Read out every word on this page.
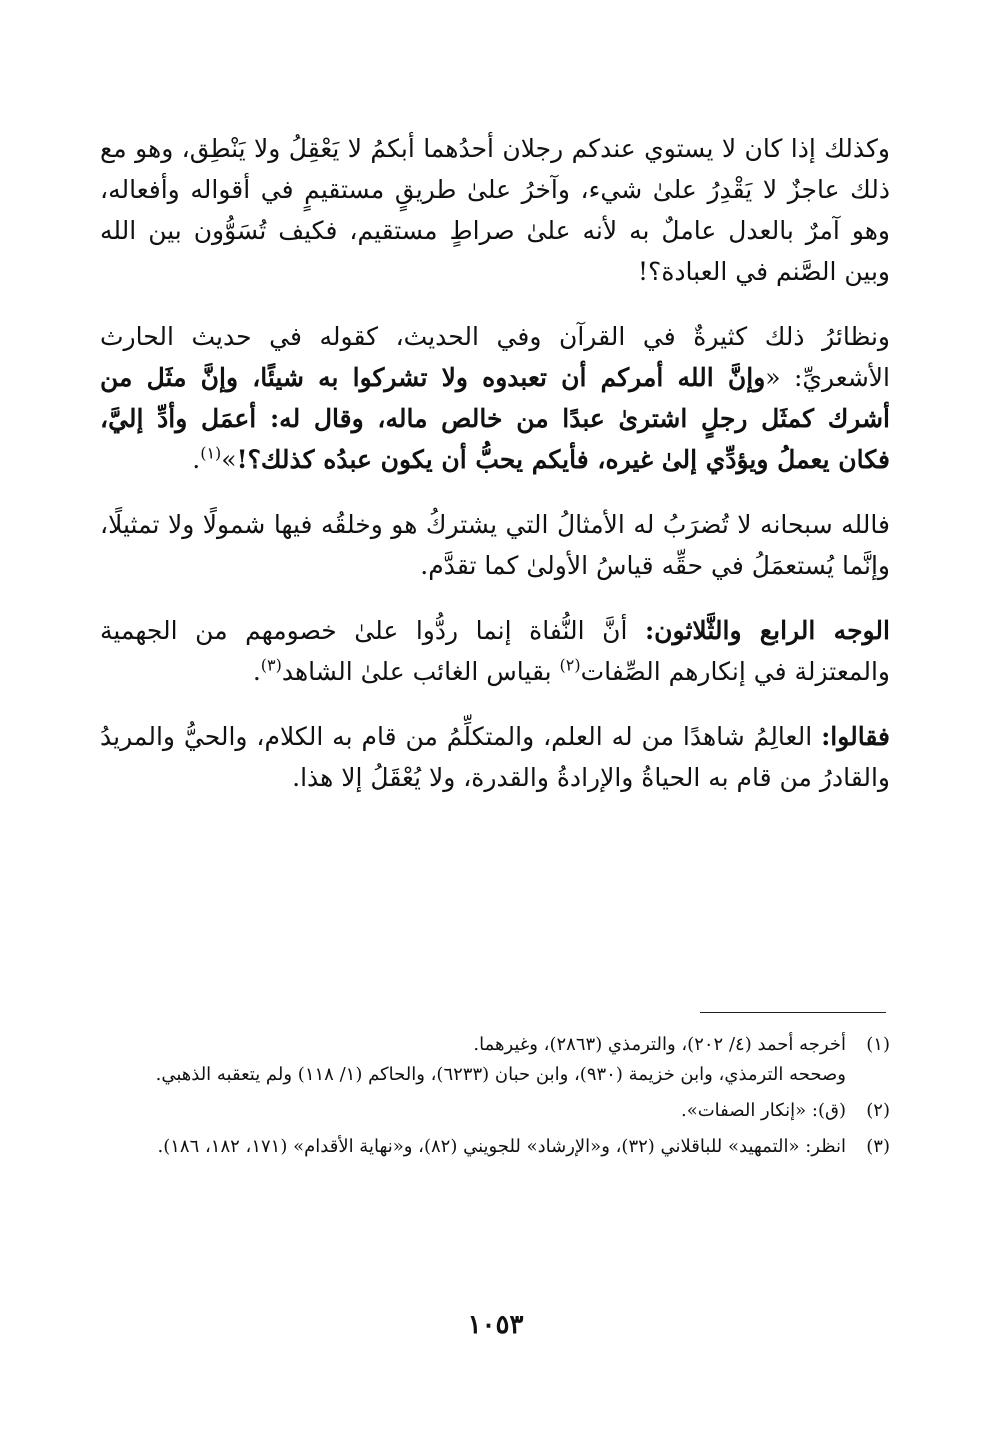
وكذلك إذا كان لا يستوي عندكم رجلان أحدُهما أبكمُ لا يَعْقِلُ ولا يَنْطِق، وهو مع ذلك عاجزٌ لا يَقْدِرُ علىٰ شيء، وآخرُ علىٰ طريقٍ مستقيمٍ في أقواله وأفعاله، وهو آمرٌ بالعدل عاملٌ به لأنه علىٰ صراطٍ مستقيم، فكيف تُسَوُّون بين الله وبين الصَّنم في العبادة؟!

ونظائرُ ذلك كثيرةٌ في القرآن وفي الحديث، كقوله في حديث الحارث الأشعريِّ: «وإنَّ الله أمركم أن تعبدوه ولا تشركوا به شيئًا، وإنَّ مثَل من أشرك كمثَل رجلٍ اشترىٰ عبدًا من خالص ماله، وقال له: أعمَل وأدِّ إليَّ، فكان يعملُ ويؤدِّي إلىٰ غيره، فأيكم يحبُّ أن يكون عبدُه كذلك؟!»$^{(١)}$.

فالله سبحانه لا تُضرَبُ له الأمثالُ التي يشتركُ هو وخلقُه فيها شمولًا ولا تمثيلًا، وإنَّما يُستعمَلُ في حقِّه قياسُ الأولىٰ كما تقدَّم.

الوجه الرابع والثَّلاثون: أنَّ النُّفاة إنما ردُّوا علىٰ خصومهم من الجهمية والمعتزلة في إنكارهم الصِّفات$^{(٢)}$ بقياس الغائب علىٰ الشاهد$^{(٣)}$.

فقالوا: العالِمُ شاهدًا من له العلم، والمتكلِّمُ من قام به الكلام، والحيُّ والمريدُ والقادرُ من قام به الحياةُ والإرادةُ والقدرة، ولا يُعْقَلُ إلا هذا.

(١)
أخرجه أحمد (٤/ ٢٠٢)، والترمذي (٢٨٦٣)، وغيرهما.
وصححه الترمذي، وابن خزيمة (٩٣٠)، وابن حبان (٦٢٣٣)، والحاكم (١/ ١١٨) ولم يتعقبه الذهبي.
(٢)
(ق): «إنكار الصفات».
(٣)
انظر: «التمهيد» للباقلاني (٣٢)، و«الإرشاد» للجويني (٨٢)، و«نهاية الأقدام» (١٧١، ١٨٢، ١٨٦).
١٠٥٣
